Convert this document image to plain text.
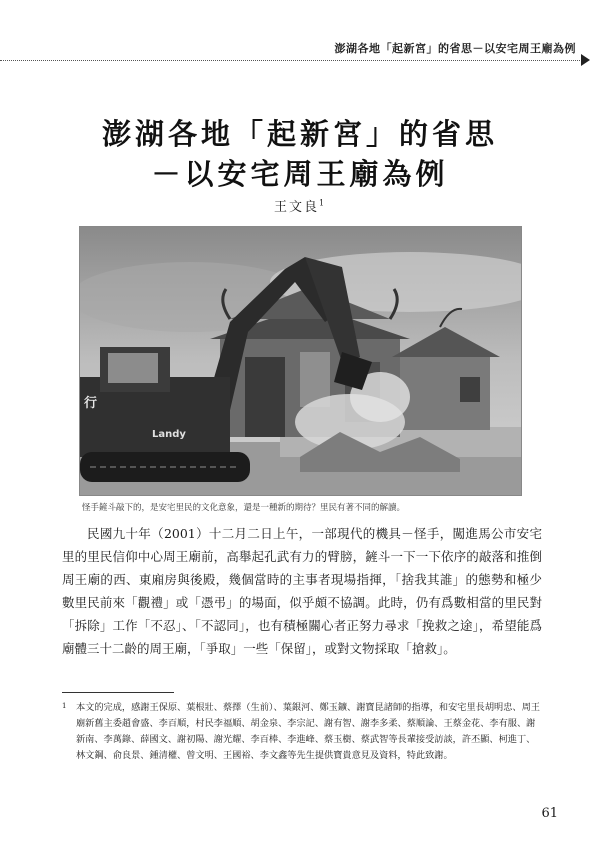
澎湖各地「起新宮」的省思－以安宅周王廟為例
澎湖各地「起新宮」的省思
－以安宅周王廟為例
王文良$^1$
Landy
行
怪手鏟斗敲下的，是安宅里民的文化意象，還是一種新的期待？里民有著不同的解讀。

民國九十年（2001）十二月二日上午，一部現代的機具－怪手，闖進馬公市安宅里的里民信仰中心周王廟前，高舉起孔武有力的臂膀，鏟斗一下一下依序的敲落和推倒周王廟的西、東廂房與後殿，幾個當時的主事者現場指揮，「捨我其誰」的態勢和極少數里民前來「觀禮」或「憑弔」的場面，似乎頗不協調。此時，仍有爲數相當的里民對「拆除」工作「不忍」、「不認同」，也有積極關心者正努力尋求「挽救之途」，希望能爲廟體三十二齡的周王廟，「爭取」一些「保留」，或對文物採取「搶救」。

1 本文的完成，感謝王保原、葉根壯、蔡擇（生前）、葉銀河、鄭玉鑛、謝寶昆諸師的指導，和安宅里長胡明忠、周王廟新舊主委趙會盛、李百順，村民李福順、胡金泉、李宗記、謝有智、謝李多柔、蔡順論、王蔡金花、李有服、謝新南、李萬錄、薛國文、謝初陽、謝光耀、李百棒、李進峰、蔡玉樹、蔡武智等長輩接受訪談，許丕顯、柯進丁、林文鋼、俞良景、鍾清權、曾文明、王國裕、李文鑫等先生提供寶貴意見及資料，特此致謝。
61
